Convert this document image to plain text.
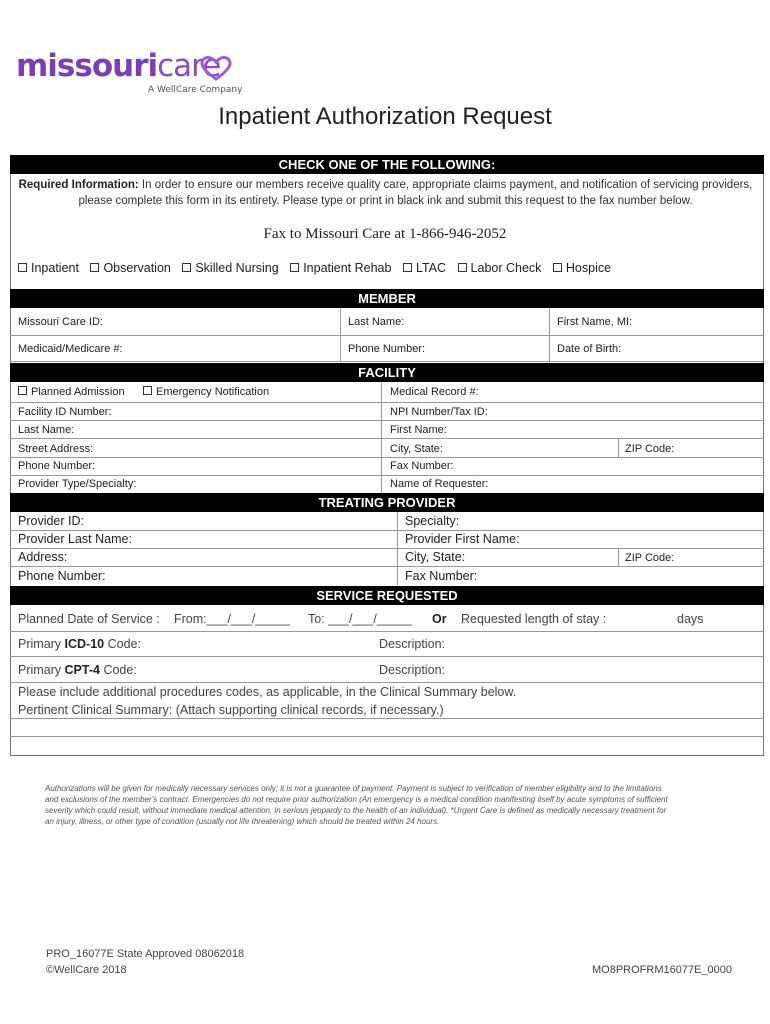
missouricare
A WellCare Company
Inpatient Authorization Request
CHECK ONE OF THE FOLLOWING:
Required Information: In order to ensure our members receive quality care, appropriate claims payment, and notification of servicing providers, please complete this form in its entirety. Please type or print in black ink and submit this request to the fax number below.
Fax to Missouri Care at 1-866-946-2052
Inpatient Observation Skilled Nursing Inpatient Rehab LTAC Labor Check Hospice
MEMBER
Missouri Care ID:	Last Name:	First Name, MI:
Medicaid/Medicare #:	Phone Number:	Date of Birth:
FACILITY
Planned Admission	Emergency Notification	Medical Record #:
Facility ID Number:	NPI Number/Tax ID:
Last Name:	First Name:
Street Address:	City, State:	ZIP Code:
Phone Number:	Fax Number:
Provider Type/Specialty:	Name of Requester:
TREATING PROVIDER
Provider ID:	Specialty:
Provider Last Name:	Provider First Name:
Address:	City, State:	ZIP Code:
Phone Number:	Fax Number:
SERVICE REQUESTED
Planned Date of Service : From:___/___/_____ To: ___/___/_____ Or Requested length of stay :	days
Primary ICD-10 Code:	Description:
Primary CPT-4 Code:	Description:
Please include additional procedures codes, as applicable, in the Clinical Summary below.
Pertinent Clinical Summary: (Attach supporting clinical records, if necessary.)
Authorizations will be given for medically necessary services only; it is not a guarantee of payment. Payment is subject to verification of member eligibility and to the limitations and exclusions of the member's contract. Emergencies do not require prior authorization (An emergency is a medical condition manifesting itself by acute symptoms of sufficient severity which could result, without immediate medical attention, in serious jeopardy to the health of an individual). *Urgent Care is defined as medically necessary treatment for an injury, illness, or other type of condition (usually not life threatening) which should be treated within 24 hours.
PRO_16077E State Approved 08062018
©WellCare 2018	MO8PROFRM16077E_0000
